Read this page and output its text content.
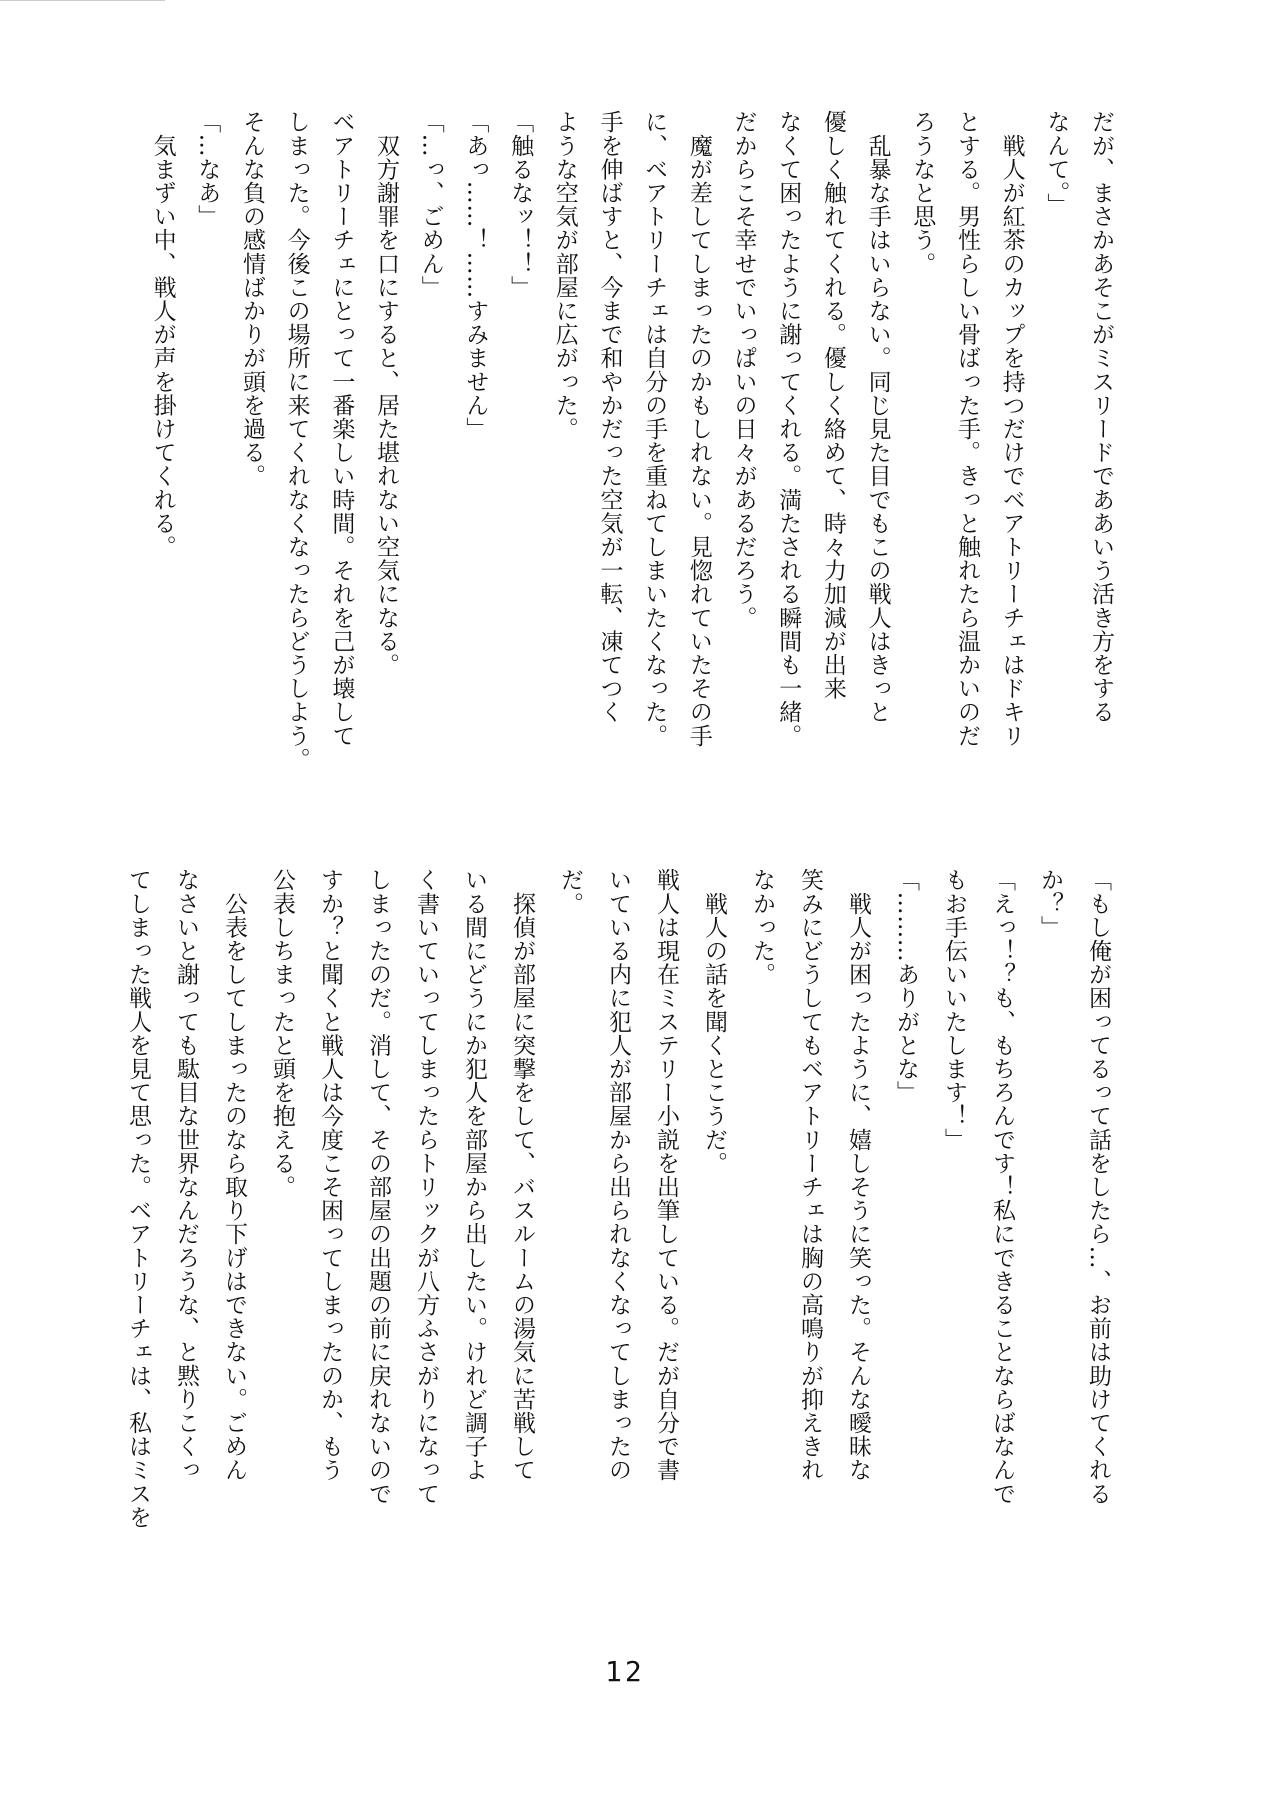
だが、まさかあそこがミスリードでああいう活き方をする
なんて。」
　戦人が紅茶のカップを持つだけでベアトリーチェはドキリ
とする。男性らしい骨ばった手。きっと触れたら温かいのだ
ろうなと思う。
　乱暴な手はいらない。同じ見た目でもこの戦人はきっと
優しく触れてくれる。優しく絡めて、時々力加減が出来
なくて困ったように謝ってくれる。満たされる瞬間も一緒。
だからこそ幸せでいっぱいの日々があるだろう。
　魔が差してしまったのかもしれない。見惚れていたその手
に、ベアトリーチェは自分の手を重ねてしまいたくなった。
手を伸ばすと、今まで和やかだった空気が一転、凍てつく
ような空気が部屋に広がった。
「触るなッ！！」
「あっ……！……すみません」
「…っ、ごめん」
　双方謝罪を口にすると、居た堪れない空気になる。
ベアトリーチェにとって一番楽しい時間。それを己が壊して
しまった。今後この場所に来てくれなくなったらどうしよう。
そんな負の感情ばかりが頭を過る。
「…なあ」
　気まずい中、戦人が声を掛けてくれる。
「もし俺が困ってるって話をしたら…、お前は助けてくれる
か？」
「えっ！？も、もちろんです！私にできることならばなんで
もお手伝いいたします！」
「………ありがとな」
　戦人が困ったように、嬉しそうに笑った。そんな曖昧な
笑みにどうしてもベアトリーチェは胸の高鳴りが抑えきれ
なかった。
　戦人の話を聞くとこうだ。
戦人は現在ミステリー小説を出筆している。だが自分で書
いている内に犯人が部屋から出られなくなってしまったの
だ。
　探偵が部屋に突撃をして、バスルームの湯気に苦戦して
いる間にどうにか犯人を部屋から出したい。けれど調子よ
く書いていってしまったらトリックが八方ふさがりになって
しまったのだ。消して、その部屋の出題の前に戻れないので
すか？と聞くと戦人は今度こそ困ってしまったのか、もう
公表しちまったと頭を抱える。
　公表をしてしまったのなら取り下げはできない。ごめん
なさいと謝っても駄目な世界なんだろうな、と黙りこくっ
てしまった戦人を見て思った。ベアトリーチェは、私はミスを
12
